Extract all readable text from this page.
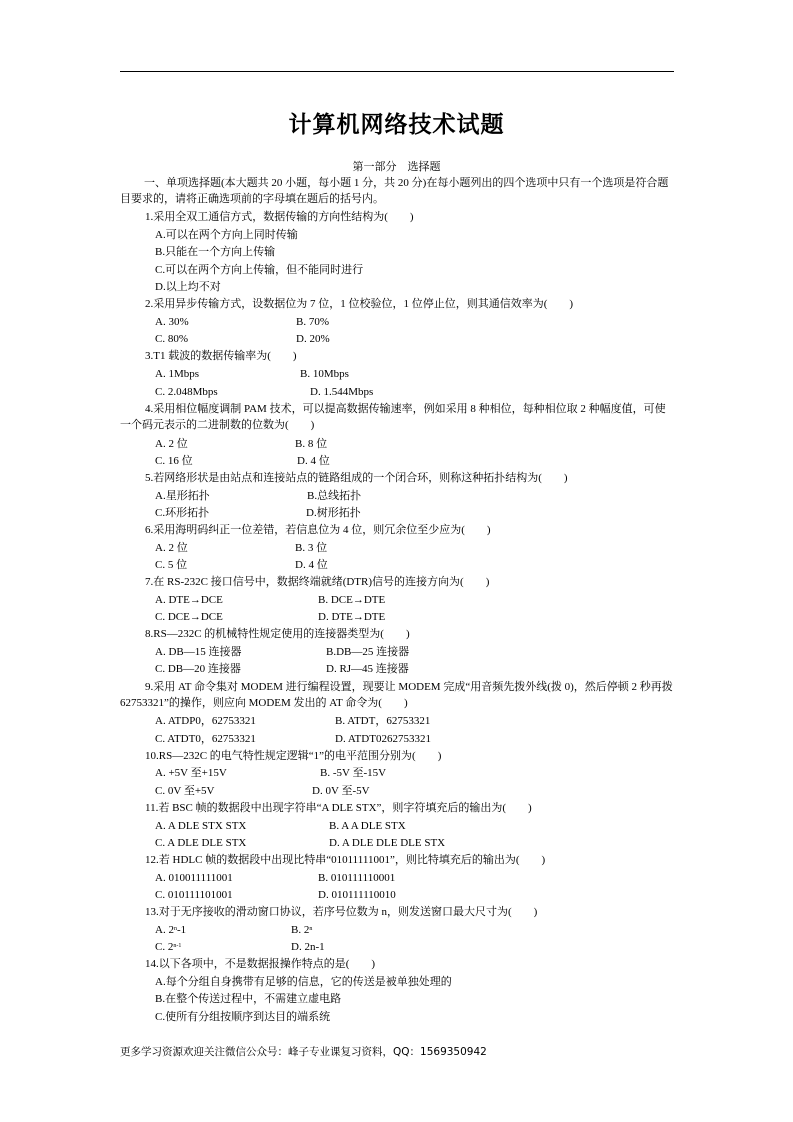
计算机网络技术试题
第一部分　选择题
一、单项选择题(本大题共 20 小题，每小题 1 分，共 20 分)在每小题列出的四个选项中只有一个选项是符合题目要求的，请将正确选项前的字母填在题后的括号内。
1.采用全双工通信方式，数据传输的方向性结构为(　　)
A.可以在两个方向上同时传输
B.只能在一个方向上传输
C.可以在两个方向上传输，但不能同时进行
D.以上均不对
2.采用异步传输方式，设数据位为 7 位，1 位校验位，1 位停止位，则其通信效率为(　　)
A. 30%	B. 70%
C. 80%	D. 20%
3.T1 载波的数据传输率为(　　)
A. 1Mbps	B. 10Mbps
C. 2.048Mbps	D. 1.544Mbps
4.采用相位幅度调制 PAM 技术，可以提高数据传输速率，例如采用 8 种相位，每种相位取 2 种幅度值，可使一个码元表示的二进制数的位数为(　　)
A. 2 位	B. 8 位
C. 16 位	D. 4 位
5.若网络形状是由站点和连接站点的链路组成的一个闭合环，则称这种拓扑结构为(　　)
A.星形拓扑	B.总线拓扑
C.环形拓扑	D.树形拓扑
6.采用海明码纠正一位差错，若信息位为 4 位，则冗余位至少应为(　　)
A. 2 位	B. 3 位
C. 5 位	D. 4 位
7.在 RS-232C 接口信号中，数据终端就绪(DTR)信号的连接方向为(　　)
A. DTE→DCE	B. DCE→DTE
C. DCE→DCE	D. DTE→DTE
8.RS—232C 的机械特性规定使用的连接器类型为(　　)
A. DB—15 连接器	B.DB—25 连接器
C. DB—20 连接器	D. RJ—45 连接器
9.采用 AT 命令集对 MODEM 进行编程设置，现要让 MODEM 完成“用音频先拨外线(拨 0)，然后停顿 2 秒再拨 62753321”的操作，则应向 MODEM 发出的 AT 命令为(　　)
A. ATDP0，62753321	B. ATDT，62753321
C. ATDT0，62753321	D. ATDT0262753321
10.RS—232C 的电气特性规定逻辑“1”的电平范围分别为(　　)
A. +5V 至+15V	B. -5V 至-15V
C. 0V 至+5V	D. 0V 至-5V
11.若 BSC 帧的数据段中出现字符串“A DLE STX”，则字符填充后的输出为(　　)
A. A DLE STX STX	B. A A DLE STX
C. A DLE DLE STX	D. A DLE DLE DLE STX
12.若 HDLC 帧的数据段中出现比特串“01011111001”，则比特填充后的输出为(　　)
A. 010011111001	B. 010111110001
C. 010111101001	D. 010111110010
13.对于无序接收的滑动窗口协议，若序号位数为 n，则发送窗口最大尺寸为(　　)
A. 2$^n$-1	B. 2$^n$
C. 2$^{n-1}$	D. 2n-1
14.以下各项中，不是数据报操作特点的是(　　)
A.每个分组自身携带有足够的信息，它的传送是被单独处理的
B.在整个传送过程中，不需建立虚电路
C.使所有分组按顺序到达目的端系统
更多学习资源欢迎关注微信公众号：峰子专业课复习资料，QQ：1569350942
